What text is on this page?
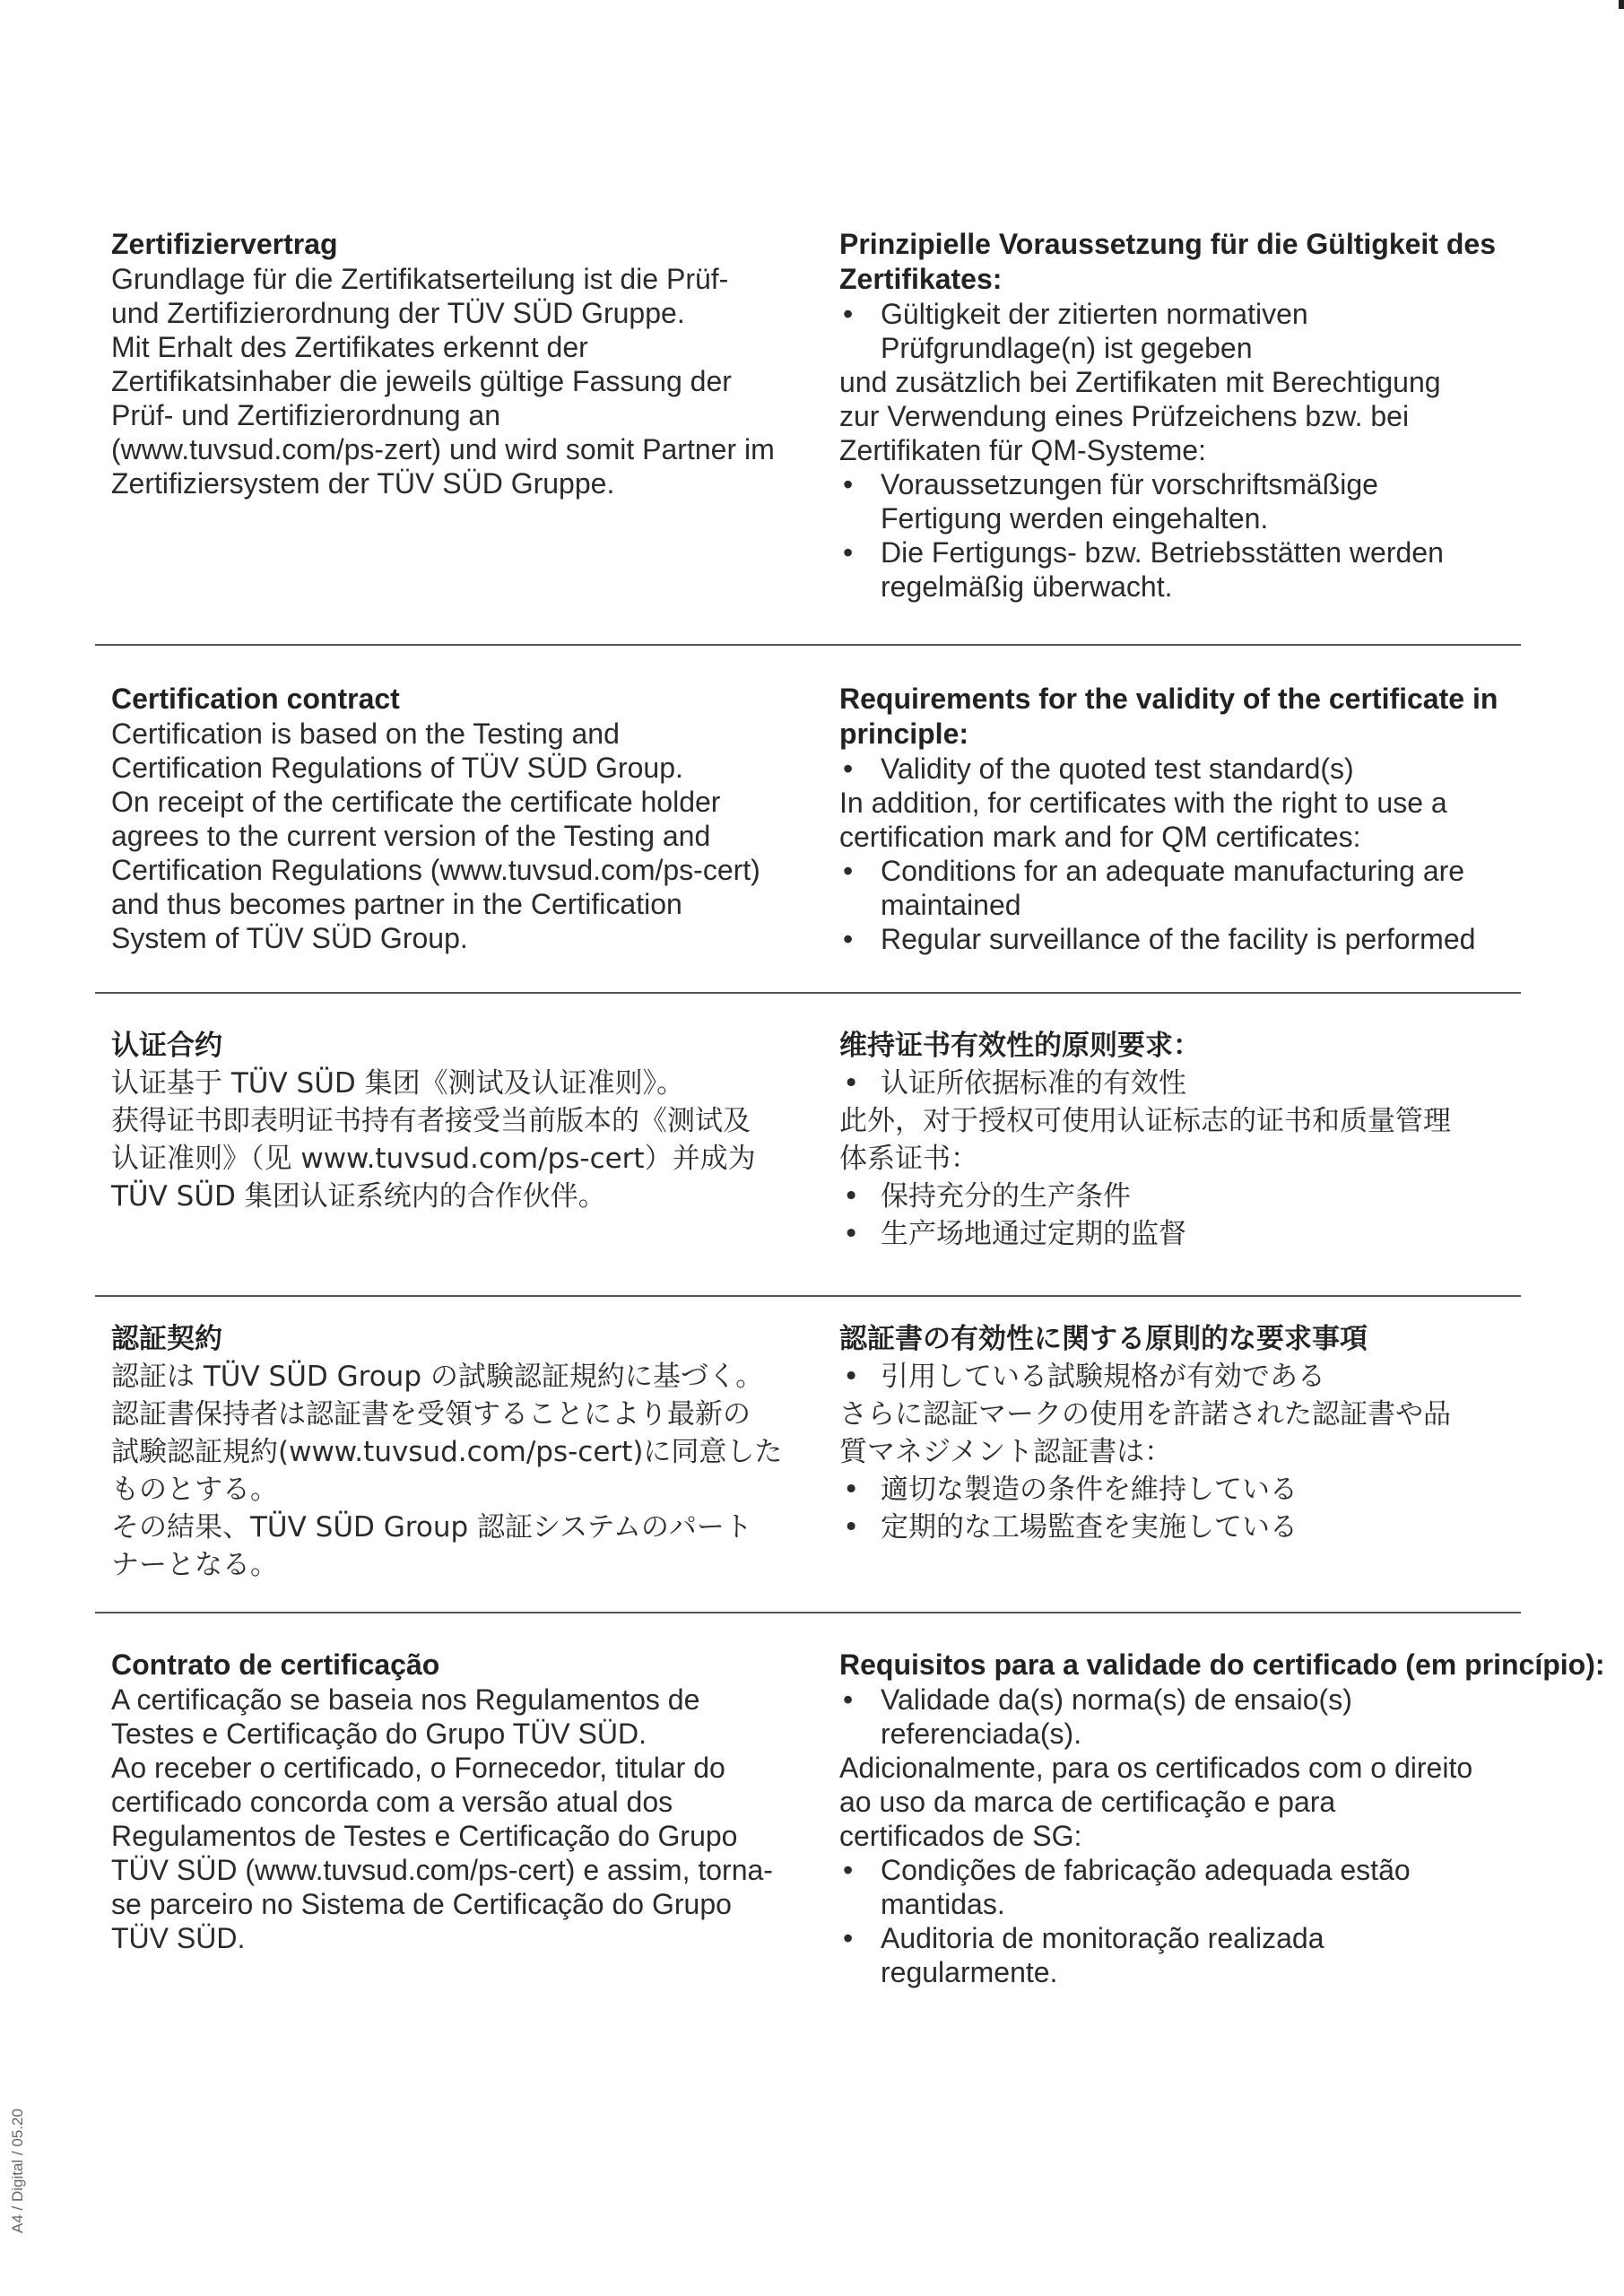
Zertifiziervertrag

Grundlage für die Zertifikatserteilung ist die Prüf-
und Zertifizierordnung der TÜV SÜD Gruppe.
Mit Erhalt des Zertifikates erkennt der
Zertifikatsinhaber die jeweils gültige Fassung der
Prüf- und Zertifizierordnung an
(www.tuvsud.com/ps-zert) und wird somit Partner im
Zertifiziersystem der TÜV SÜD Gruppe.

Prinzipielle Voraussetzung für die Gültigkeit des Zertifikates:
• Gültigkeit der zitierten normativen
Prüfgrundlage(n) ist gegeben

und zusätzlich bei Zertifikaten mit Berechtigung
zur Verwendung eines Prüfzeichens bzw. bei
Zertifikaten für QM-Systeme:

• Voraussetzungen für vorschriftsmäßige
Fertigung werden eingehalten.
• Die Fertigungs- bzw. Betriebsstätten werden
regelmäßig überwacht.
Certification contract

Certification is based on the Testing and
Certification Regulations of TÜV SÜD Group.
On receipt of the certificate the certificate holder
agrees to the current version of the Testing and
Certification Regulations (www.tuvsud.com/ps-cert)
and thus becomes partner in the Certification
System of TÜV SÜD Group.

Requirements for the validity of the certificate in principle:
• Validity of the quoted test standard(s)

In addition, for certificates with the right to use a
certification mark and for QM certificates:

• Conditions for an adequate manufacturing are
maintained
• Regular surveillance of the facility is performed
认证合约

认证基于 TÜV SÜD 集团《测试及认证准则》。
获得证书即表明证书持有者接受当前版本的《测试及
认证准则》（见 www.tuvsud.com/ps-cert）并成为
TÜV SÜD 集团认证系统内的合作伙伴。

维持证书有效性的原则要求：
• 认证所依据标准的有效性

此外，对于授权可使用认证标志的证书和质量管理
体系证书：

• 保持充分的生产条件
• 生产场地通过定期的监督
認証契約

認証は TÜV SÜD Group の試験認証規約に基づく。
認証書保持者は認証書を受領することにより最新の
試験認証規約(www.tuvsud.com/ps-cert)に同意した
ものとする。
その結果、TÜV SÜD Group 認証システムのパート
ナーとなる。

認証書の有効性に関する原則的な要求事項
• 引用している試験規格が有効である

さらに認証マークの使用を許諾された認証書や品
質マネジメント認証書は：

• 適切な製造の条件を維持している
• 定期的な工場監査を実施している
Contrato de certificação

A certificação se baseia nos Regulamentos de
Testes e Certificação do Grupo TÜV SÜD.
Ao receber o certificado, o Fornecedor, titular do
certificado concorda com a versão atual dos
Regulamentos de Testes e Certificação do Grupo
TÜV SÜD (www.tuvsud.com/ps-cert) e assim, torna-
se parceiro no Sistema de Certificação do Grupo
TÜV SÜD.

Requisitos para a validade do certificado (em princípio):
• Validade da(s) norma(s) de ensaio(s)
referenciada(s).

Adicionalmente, para os certificados com o direito
ao uso da marca de certificação e para
certificados de SG:

• Condições de fabricação adequada estão
mantidas.
• Auditoria de monitoração realizada
regularmente.
A4 / Digital / 05.20
